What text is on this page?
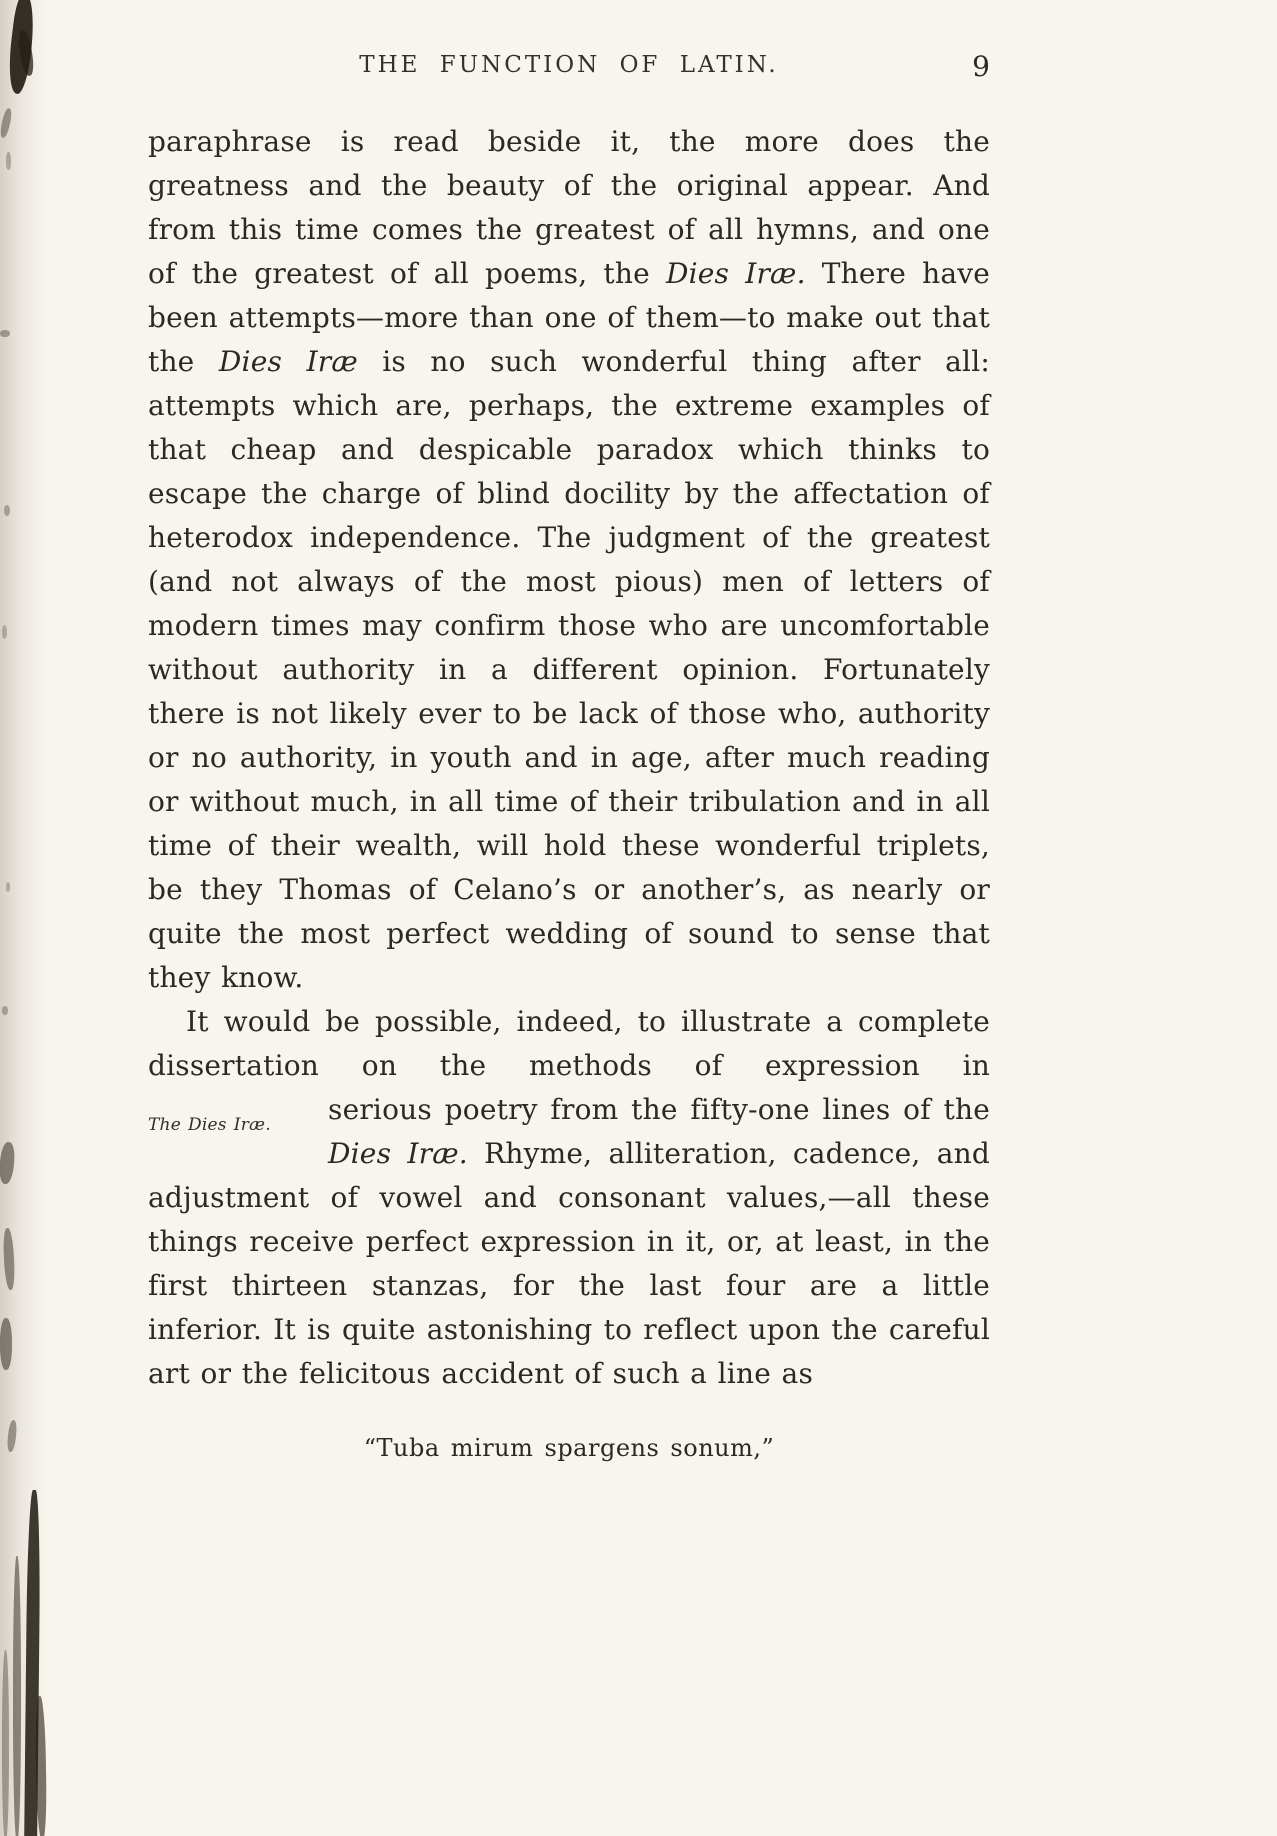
THE FUNCTION OF LATIN.	9

paraphrase is read beside it, the more does the greatness and the beauty of the original appear. And from this time comes the greatest of all hymns, and one of the greatest of all poems, the Dies Iræ. There have been attempts—more than one of them—to make out that the Dies Iræ is no such wonderful thing after all: attempts which are, perhaps, the extreme examples of that cheap and despicable paradox which thinks to escape the charge of blind docility by the affectation of heterodox independence. The judgment of the greatest (and not always of the most pious) men of letters of modern times may confirm those who are uncomfortable without authority in a different opinion. Fortunately there is not likely ever to be lack of those who, authority or no authority, in youth and in age, after much reading or without much, in all time of their tribulation and in all time of their wealth, will hold these wonderful triplets, be they Thomas of Celano’s or another’s, as nearly or quite the most perfect wedding of sound to sense that they know.

It would be possible, indeed, to illustrate a complete dissertation on the methods of expression in

The Dies Iræ.	serious poetry from the fifty-one lines of the Dies Iræ. Rhyme, alliteration, cadence, and

adjustment of vowel and consonant values,—all these things receive perfect expression in it, or, at least, in the first thirteen stanzas, for the last four are a little inferior. It is quite astonishing to reflect upon the careful art or the felicitous accident of such a line as

“Tuba mirum spargens sonum,”
